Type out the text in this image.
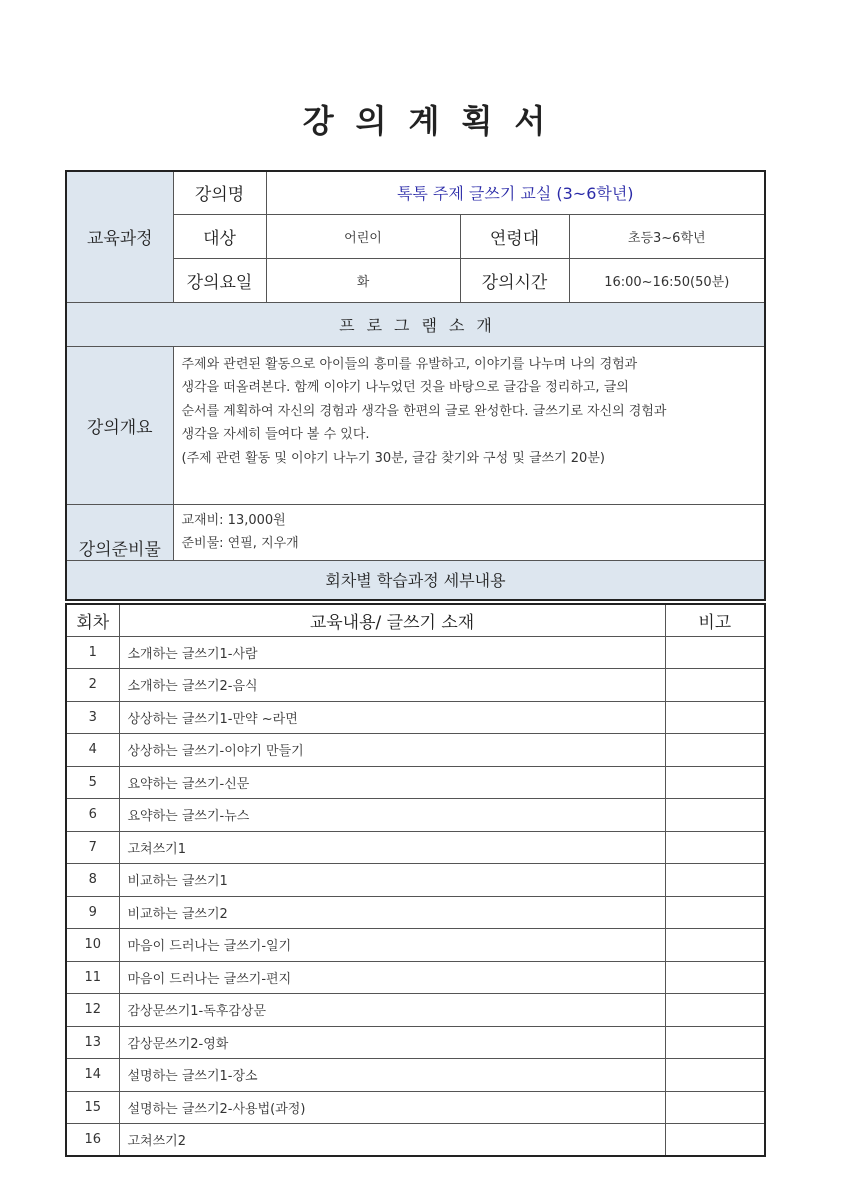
강의계획서
교육과정	강의명	톡톡 주제 글쓰기 교실 (3~6학년)		
	대상	어린이	연령대	초등3~6학년
	강의요일	화	강의시간	16:00~16:50(50분)
프로그램소개				
강의개요	주제와 관련된 활동으로 아이들의 흥미를 유발하고, 이야기를 나누며 나의 경험과
생각을 떠올려본다. 함께 이야기 나누었던 것을 바탕으로 글감을 정리하고, 글의
순서를 계획하여 자신의 경험과 생각을 한편의 글로 완성한다. 글쓰기로 자신의 경험과
생각을 자세히 들여다 볼 수 있다.
(주제 관련 활동 및 이야기 나누기 30분, 글감 찾기와 구성 및 글쓰기 20분)			

강의준비물	교재비: 13,000원
준비물: 연필, 지우개			

회차별 학습과정 세부내용				
회차	교육내용/ 글쓰기 소재	비고
1	소개하는 글쓰기1-사람	
2	소개하는 글쓰기2-음식	
3	상상하는 글쓰기1-만약 ~라면	
4	상상하는 글쓰기-이야기 만들기	
5	요약하는 글쓰기-신문	
6	요약하는 글쓰기-뉴스	
7	고쳐쓰기1	
8	비교하는 글쓰기1	
9	비교하는 글쓰기2	
10	마음이 드러나는 글쓰기-일기	
11	마음이 드러나는 글쓰기-편지	
12	감상문쓰기1-독후감상문	
13	감상문쓰기2-영화	
14	설명하는 글쓰기1-장소	
15	설명하는 글쓰기2-사용법(과정)	
16	고쳐쓰기2	
